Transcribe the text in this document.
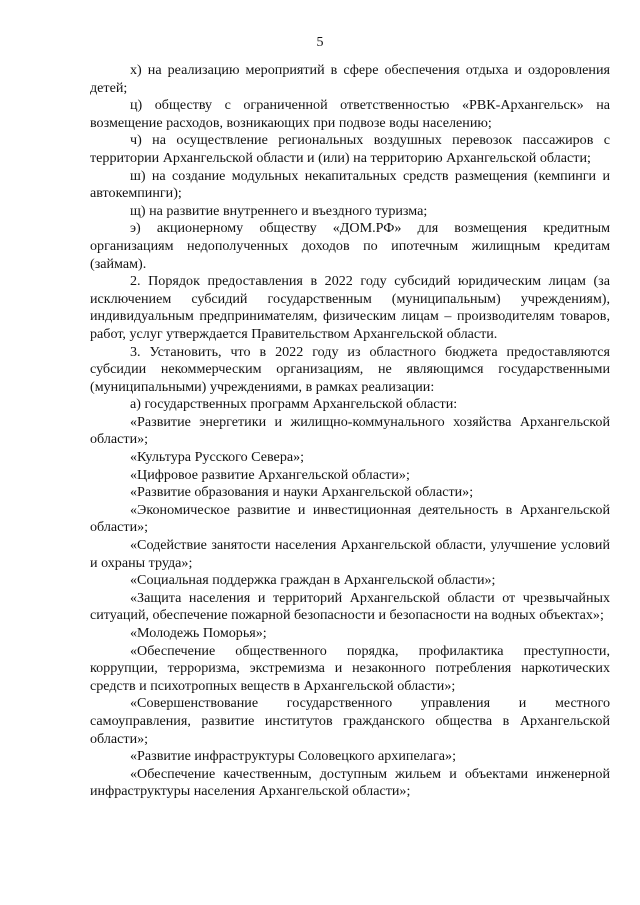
5

х) на реализацию мероприятий в сфере обеспечения отдыха и оздоровления детей;

ц) обществу с ограниченной ответственностью «РВК-Архангельск» на возмещение расходов, возникающих при подвозе воды населению;

ч) на осуществление региональных воздушных перевозок пассажиров с территории Архангельской области и (или) на территорию Архангельской области;

ш) на создание модульных некапитальных средств размещения (кемпинги и автокемпинги);

щ) на развитие внутреннего и въездного туризма;

э) акционерному обществу «ДОМ.РФ» для возмещения кредитным организациям недополученных доходов по ипотечным жилищным кредитам (займам).

2. Порядок предоставления в 2022 году субсидий юридическим лицам (за исключением субсидий государственным (муниципальным) учреждениям), индивидуальным предпринимателям, физическим лицам – производителям товаров, работ, услуг утверждается Правительством Архангельской области.

3. Установить, что в 2022 году из областного бюджета предоставляются субсидии некоммерческим организациям, не являющимся государственными (муниципальными) учреждениями, в рамках реализации:

а) государственных программ Архангельской области:

«Развитие энергетики и жилищно-коммунального хозяйства Архангельской области»;

«Культура Русского Севера»;

«Цифровое развитие Архангельской области»;

«Развитие образования и науки Архангельской области»;

«Экономическое развитие и инвестиционная деятельность в Архангельской области»;

«Содействие занятости населения Архангельской области, улучшение условий и охраны труда»;

«Социальная поддержка граждан в Архангельской области»;

«Защита населения и территорий Архангельской области от чрезвычайных ситуаций, обеспечение пожарной безопасности и безопасности на водных объектах»;

«Молодежь Поморья»;

«Обеспечение общественного порядка, профилактика преступности, коррупции, терроризма, экстремизма и незаконного потребления наркотических средств и психотропных веществ в Архангельской области»;

«Совершенствование государственного управления и местного самоуправления, развитие институтов гражданского общества в Архангельской области»;

«Развитие инфраструктуры Соловецкого архипелага»;

«Обеспечение качественным, доступным жильем и объектами инженерной инфраструктуры населения Архангельской области»;
